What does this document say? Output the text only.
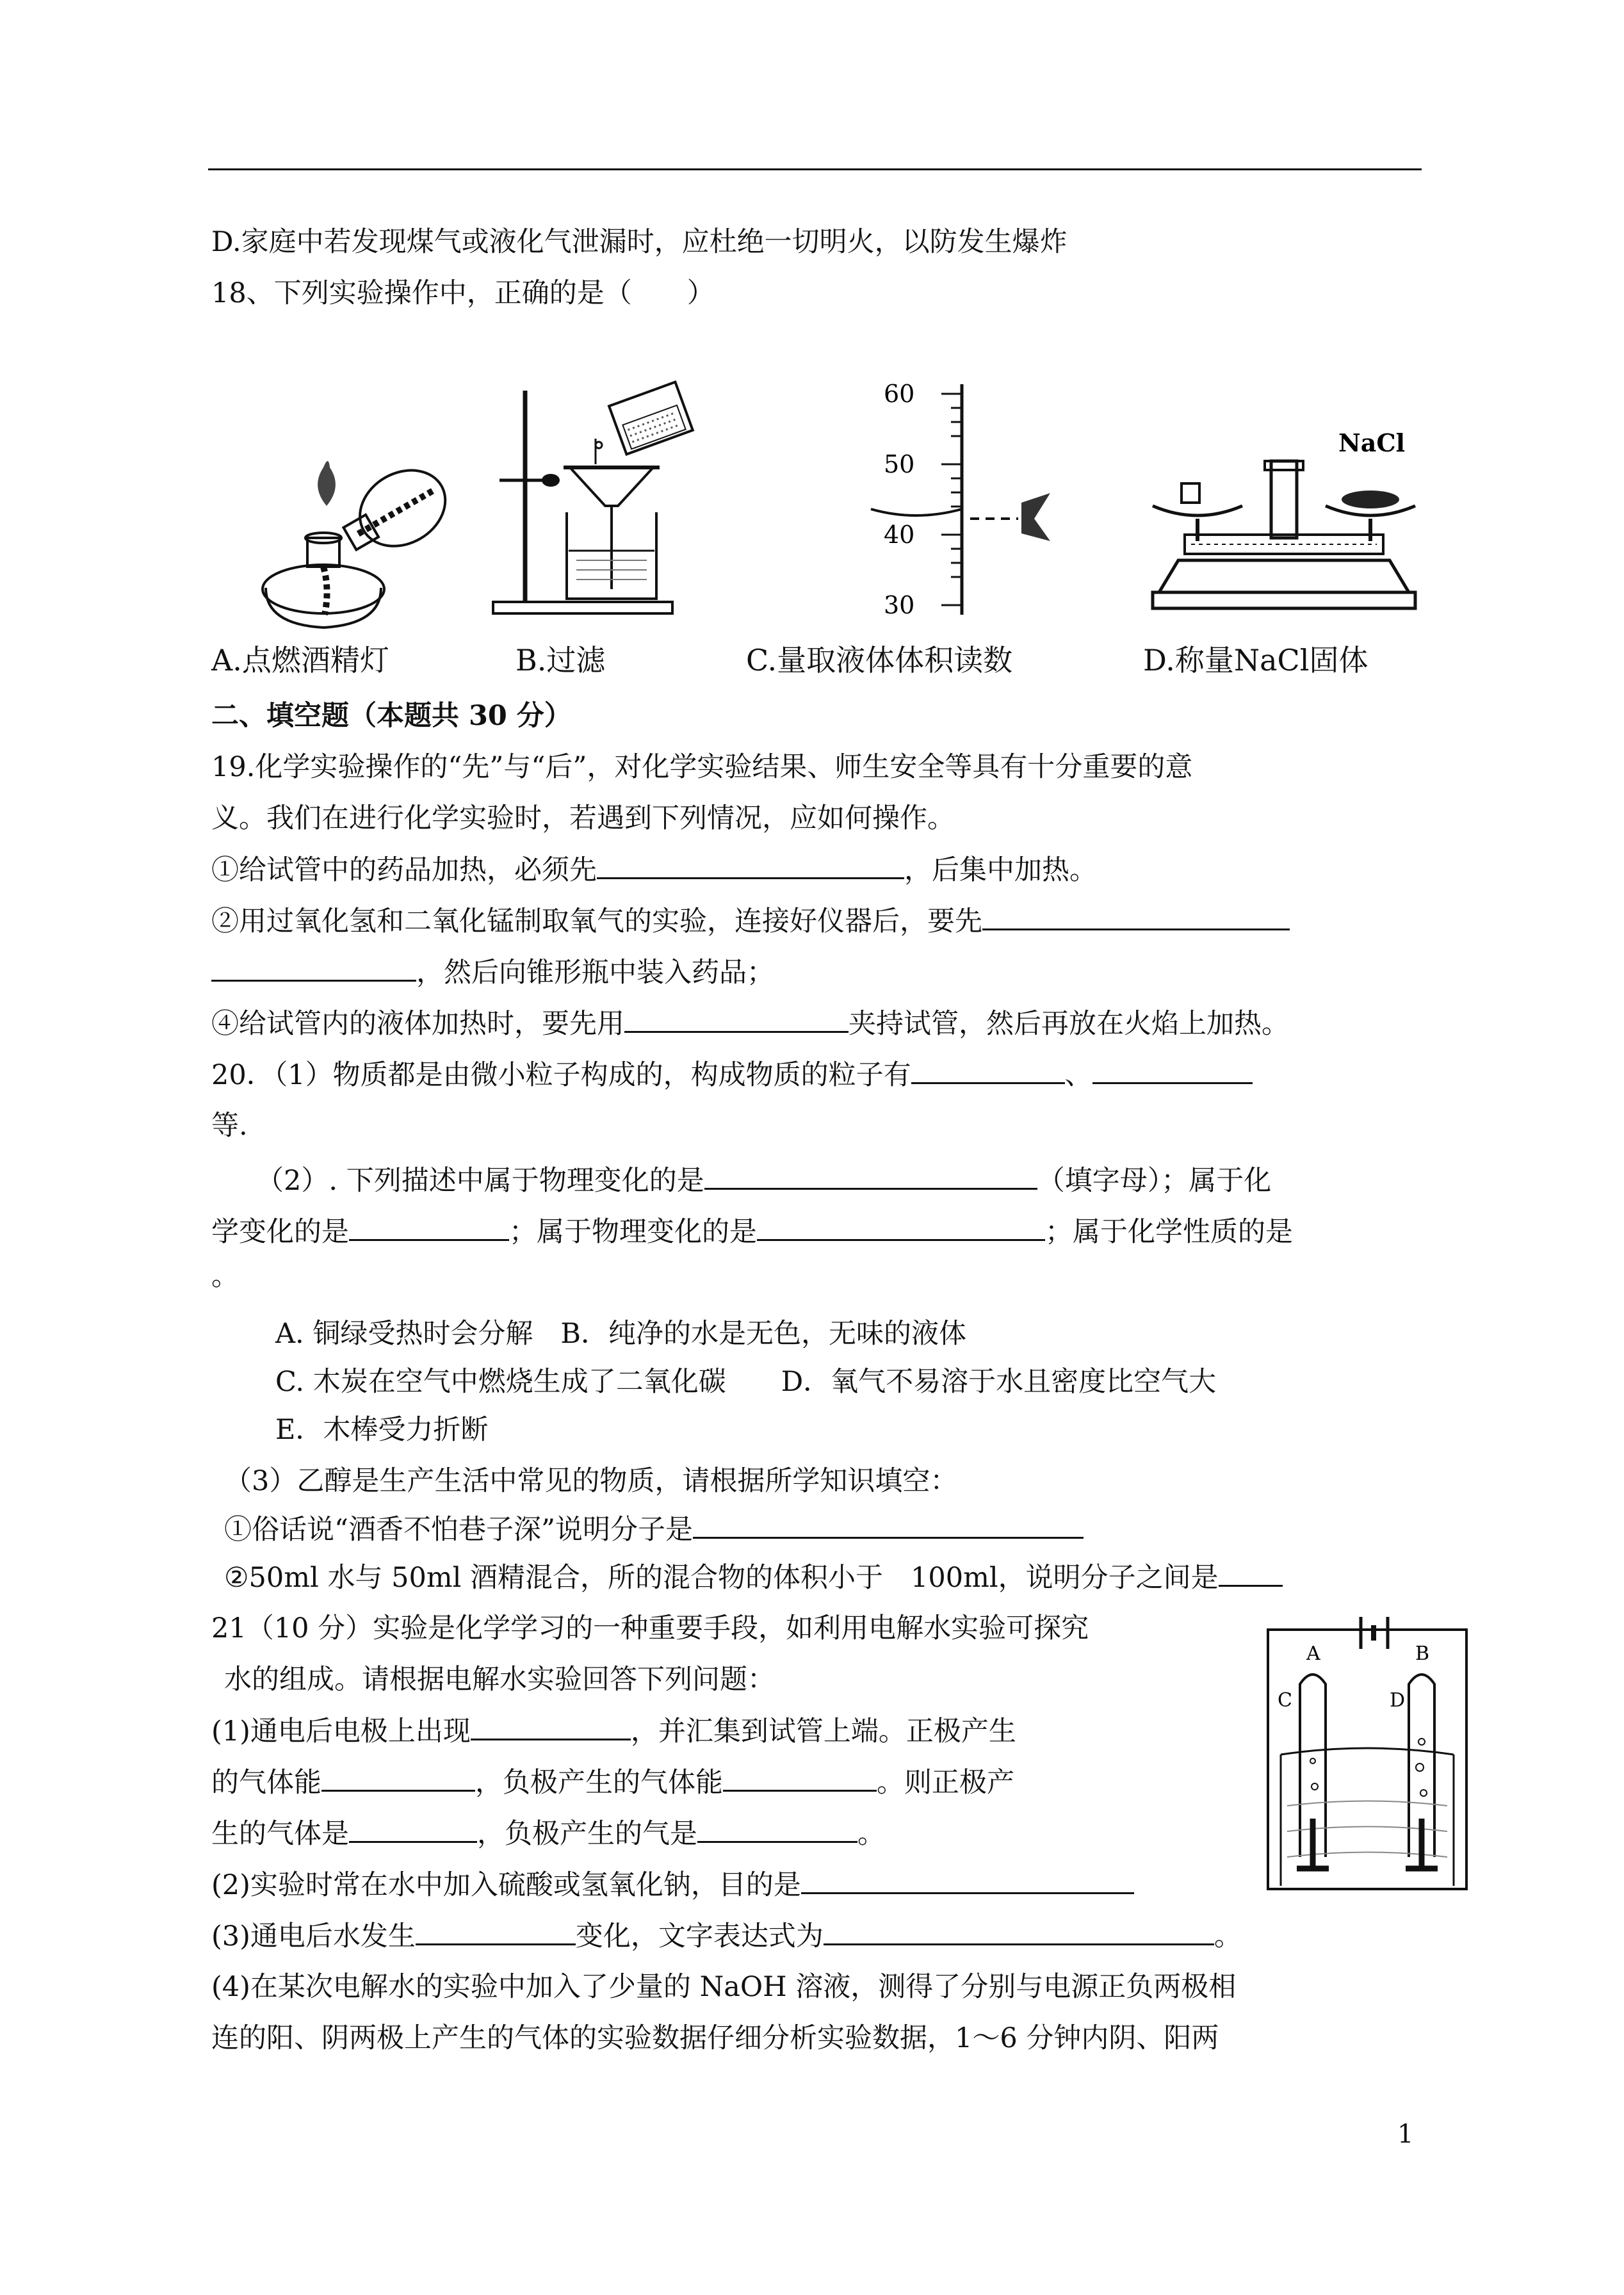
D.家庭中若发现煤气或液化气泄漏时，应杜绝一切明火，以防发生爆炸
18、下列实验操作中，正确的是（　　）
60
50
40
30
NaCl
A.点燃酒精灯	B.过滤	C.量取液体体积读数	D.称量NaCl固体
二、填空题（本题共 30 分）
19.化学实验操作的“先”与“后”，对化学实验结果、师生安全等具有十分重要的意
义。我们在进行化学实验时，若遇到下列情况，应如何操作。
①给试管中的药品加热，必须先	，后集中加热。
②用过氧化氢和二氧化锰制取氧气的实验，连接好仪器后，要先
，然后向锥形瓶中装入药品；
④给试管内的液体加热时，要先用	夹持试管，然后再放在火焰上加热。
20．（1）物质都是由微小粒子构成的，构成物质的粒子有	、
等.
（2）. 下列描述中属于物理变化的是	（填字母）；属于化
学变化的是	；属于物理变化的是	；属于化学性质的是
。
A. 铜绿受热时会分解　B．纯净的水是无色，无味的液体
C. 木炭在空气中燃烧生成了二氧化碳　　D．氧气不易溶于水且密度比空气大
E．木棒受力折断
（3）乙醇是生产生活中常见的物质，请根据所学知识填空：
①俗话说“酒香不怕巷子深”说明分子是
②50ml 水与 50ml 酒精混合，所的混合物的体积小于　100ml，说明分子之间是
21（10 分）实验是化学学习的一种重要手段，如利用电解水实验可探究
水的组成。请根据电解水实验回答下列问题：
(1)通电后电极上出现	，并汇集到试管上端。正极产生
的气体能	，负极产生的气体能	。则正极产
生的气体是	，负极产生的气是	。
(2)实验时常在水中加入硫酸或氢氧化钠，目的是
(3)通电后水发生	变化，文字表达式为	。
(4)在某次电解水的实验中加入了少量的 NaOH 溶液，测得了分别与电源正负两极相
连的阳、阴两极上产生的气体的实验数据仔细分析实验数据，1～6 分钟内阴、阳两
A	B
C	D
1
